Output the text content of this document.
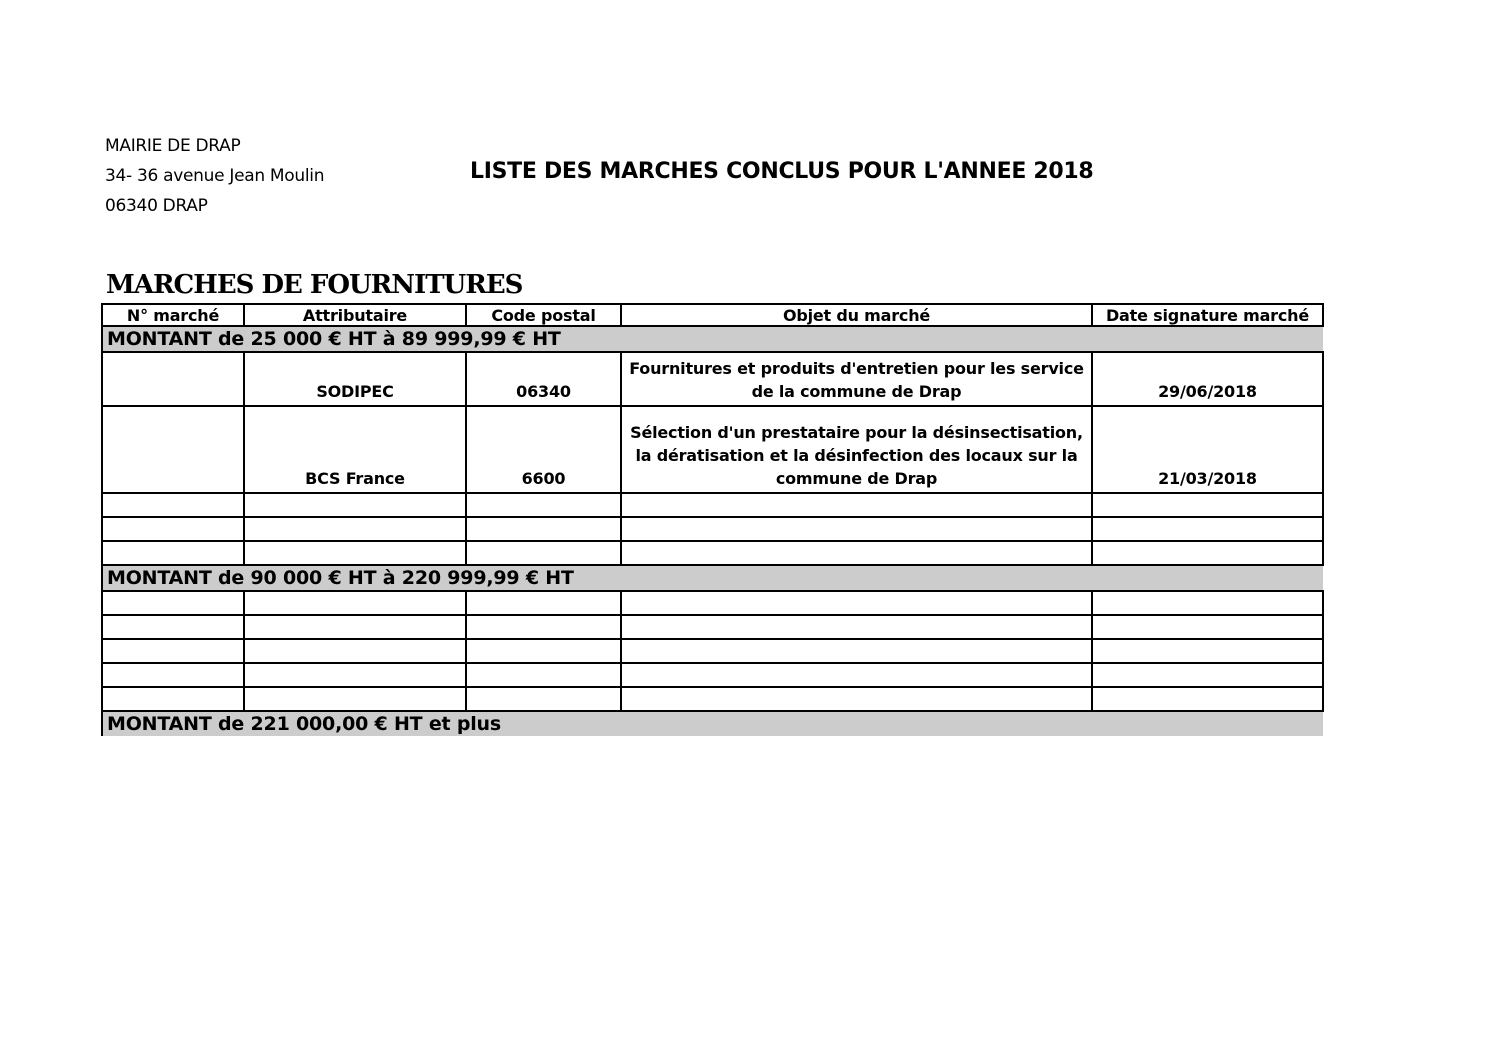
MAIRIE DE DRAP
34- 36 avenue Jean Moulin
06340 DRAP
LISTE DES MARCHES CONCLUS POUR L'ANNEE 2018
MARCHES DE FOURNITURES
N° marché	Attributaire	Code postal	Objet du marché	Date signature marché
MONTANT de 25 000 € HT à 89 999,99 € HT				
	SODIPEC	06340	Fournitures et produits d'entretien pour les service de la commune de Drap	29/06/2018
	BCS France	6600	Sélection d'un prestataire pour la désinsectisation, la dératisation et la désinfection des locaux sur la commune de Drap	21/03/2018

MONTANT de 90 000 € HT à 220 999,99 € HT				

MONTANT de 221 000,00 € HT et plus				
